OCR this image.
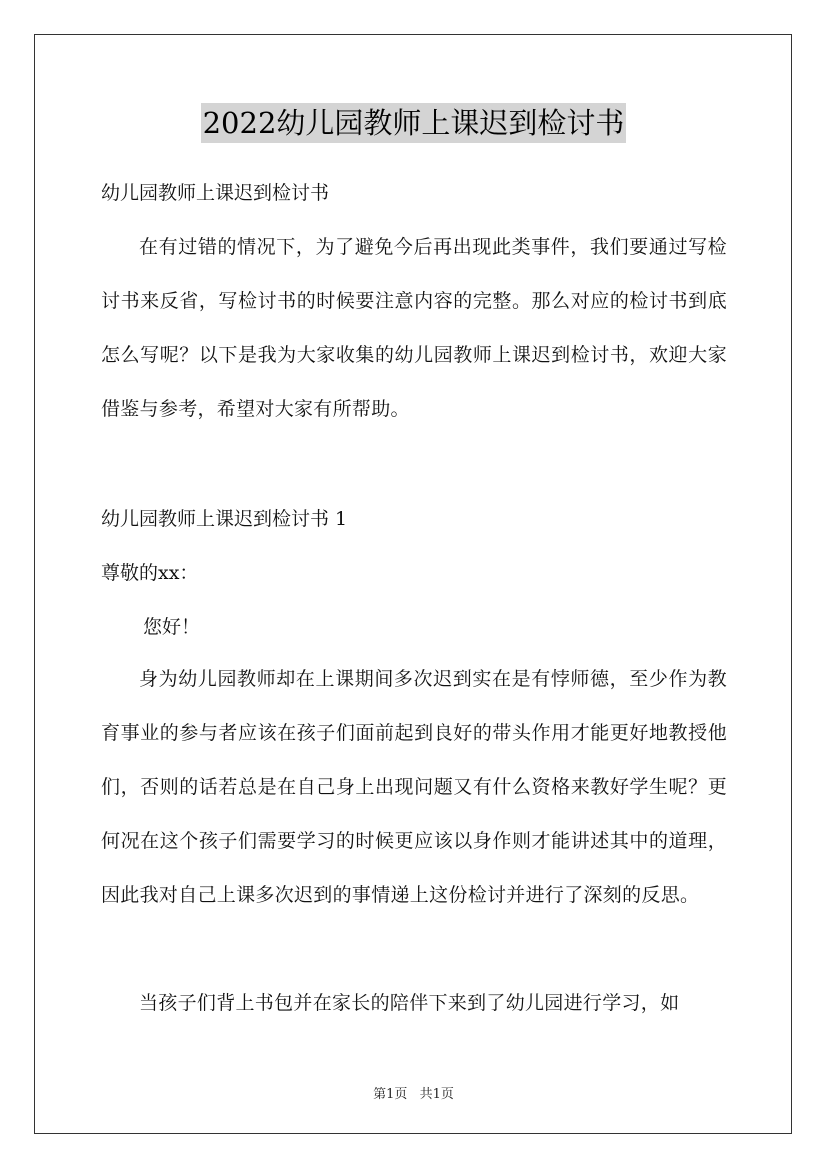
2022幼儿园教师上课迟到检讨书
幼儿园教师上课迟到检讨书
在有过错的情况下，为了避免今后再出现此类事件，我们要通过写检讨书来反省，写检讨书的时候要注意内容的完整。那么对应的检讨书到底怎么写呢？以下是我为大家收集的幼儿园教师上课迟到检讨书，欢迎大家借鉴与参考，希望对大家有所帮助。
幼儿园教师上课迟到检讨书 1
尊敬的xx：
您好！
身为幼儿园教师却在上课期间多次迟到实在是有悖师德，至少作为教育事业的参与者应该在孩子们面前起到良好的带头作用才能更好地教授他们，否则的话若总是在自己身上出现问题又有什么资格来教好学生呢？更何况在这个孩子们需要学习的时候更应该以身作则才能讲述其中的道理，因此我对自己上课多次迟到的事情递上这份检讨并进行了深刻的反思。
当孩子们背上书包并在家长的陪伴下来到了幼儿园进行学习，如
第1页 共1页
